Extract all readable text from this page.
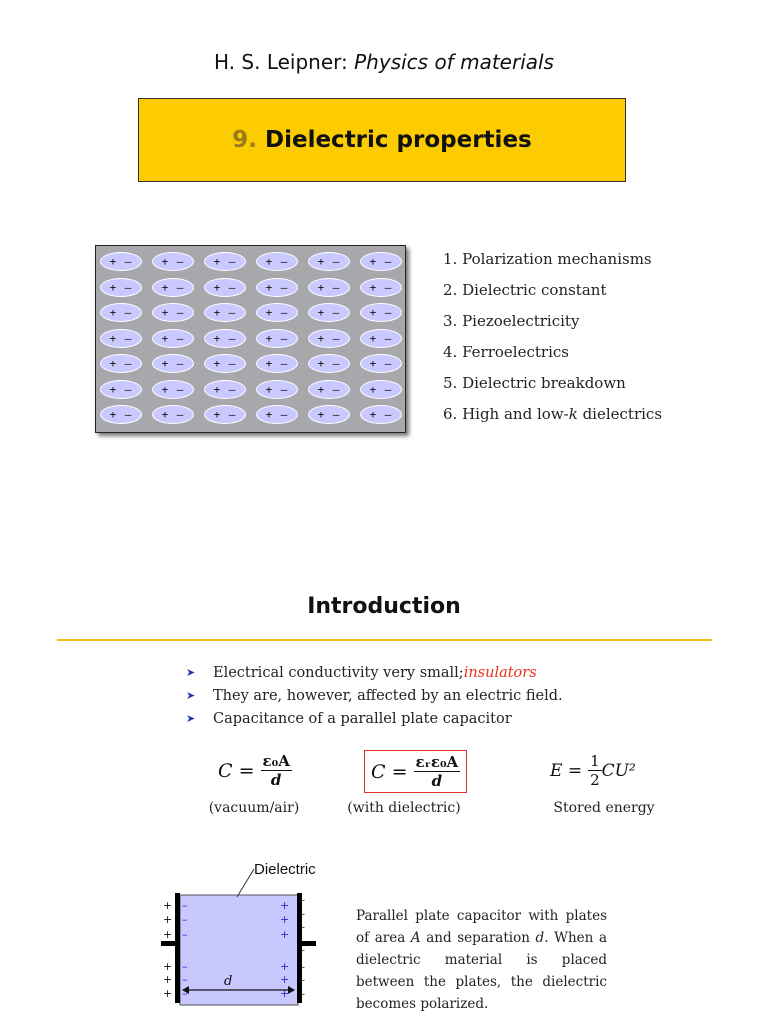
H. S. Leipner: Physics of materials
9. Dielectric properties
+ –	+ –	+ –	+ –	+ –	+ –
+ –	+ –	+ –	+ –	+ –	+ –
+ –	+ –	+ –	+ –	+ –	+ –
+ –	+ –	+ –	+ –	+ –	+ –
+ –	+ –	+ –	+ –	+ –	+ –
+ –	+ –	+ –	+ –	+ –	+ –
+ –	+ –	+ –	+ –	+ –	+ –
1. Polarization mechanisms
2. Dielectric constant
3. Piezoelectricity
4. Ferroelectrics
5. Dielectric breakdown
6. High and low-k dielectrics
Introduction
➤	Electrical conductivity very small; insulators
➤	They are, however, affected by an electric field.
➤	Capacitance of a parallel plate capacitor
$C = \frac{\text{ε₀A}}{d}$
(vacuum/air)
$C = \frac{\text{εᵣε₀A}}{d}$
(with dielectric)
$E = \frac{1}{2} CU^2$
Stored energy
Dielectric
d
+ –	+
+ –	+
+ –	+
+ –	+
+ –	+
+ –	+
–
–
–
–
–
–
–
Parallel plate capacitor with plates of area A and separation d. When a dielectric material is placed between the plates, the dielectric becomes polarized.
